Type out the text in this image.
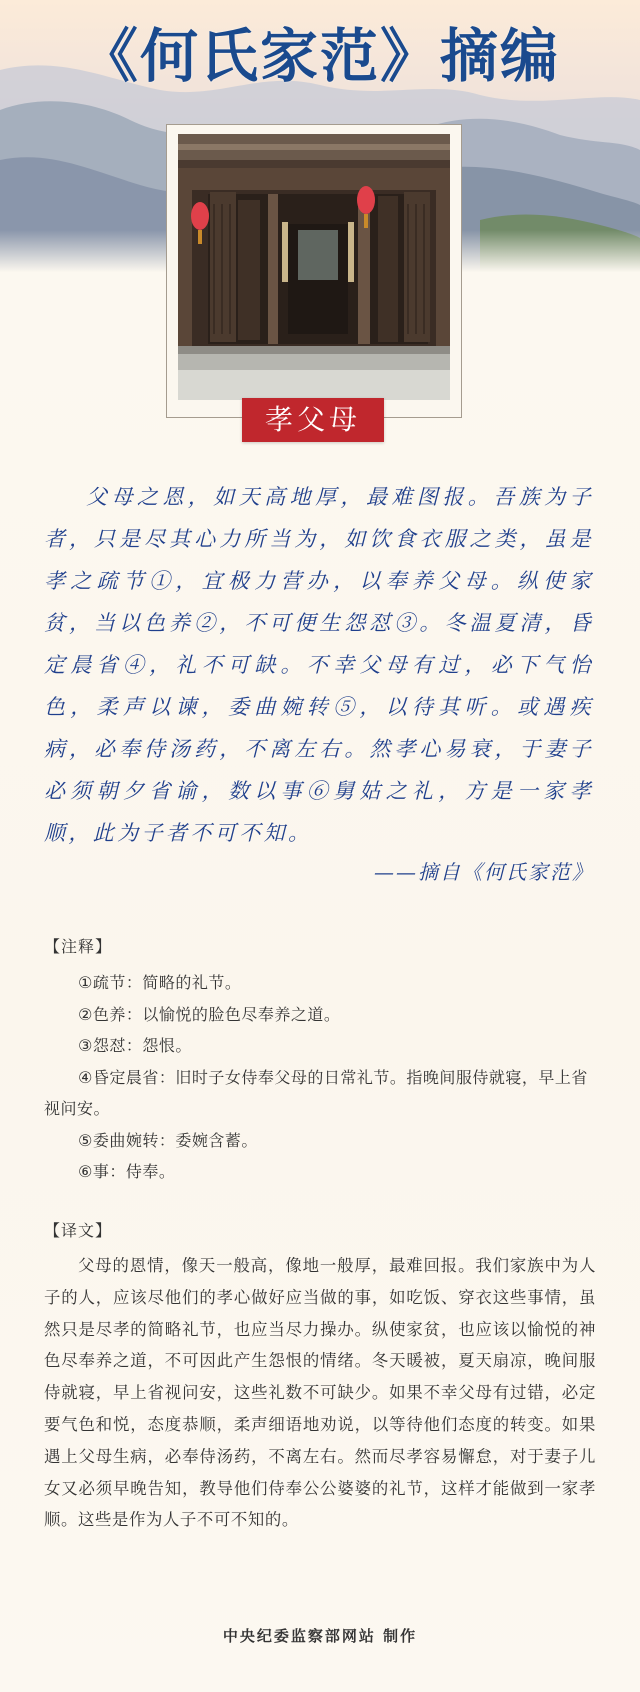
《何氏家范》摘编
孝父母
父母之恩，如天高地厚，最难图报。吾族为子者，只是尽其心力所当为，如饮食衣服之类，虽是孝之疏节①，宜极力营办，以奉养父母。纵使家贫，当以色养②，不可便生怨怼③。冬温夏清，昏定晨省④，礼不可缺。不幸父母有过，必下气怡色，柔声以谏，委曲婉转⑤，以待其听。或遇疾病，必奉侍汤药，不离左右。然孝心易衰，于妻子必须朝夕省谕，数以事⑥舅姑之礼，方是一家孝顺，此为子者不可不知。
——摘自《何氏家范》
【注释】
①疏节：简略的礼节。
②色养：以愉悦的脸色尽奉养之道。
③怨怼：怨恨。
④昏定晨省：旧时子女侍奉父母的日常礼节。指晚间服侍就寝，早上省视问安。
⑤委曲婉转：委婉含蓄。
⑥事：侍奉。
【译文】
父母的恩情，像天一般高，像地一般厚，最难回报。我们家族中为人子的人，应该尽他们的孝心做好应当做的事，如吃饭、穿衣这些事情，虽然只是尽孝的简略礼节，也应当尽力操办。纵使家贫，也应该以愉悦的神色尽奉养之道，不可因此产生怨恨的情绪。冬天暖被，夏天扇凉，晚间服侍就寝，早上省视问安，这些礼数不可缺少。如果不幸父母有过错，必定要气色和悦，态度恭顺，柔声细语地劝说，以等待他们态度的转变。如果遇上父母生病，必奉侍汤药，不离左右。然而尽孝容易懈怠，对于妻子儿女又必须早晚告知，教导他们侍奉公公婆婆的礼节，这样才能做到一家孝顺。这些是作为人子不可不知的。
中央纪委监察部网站 制作
